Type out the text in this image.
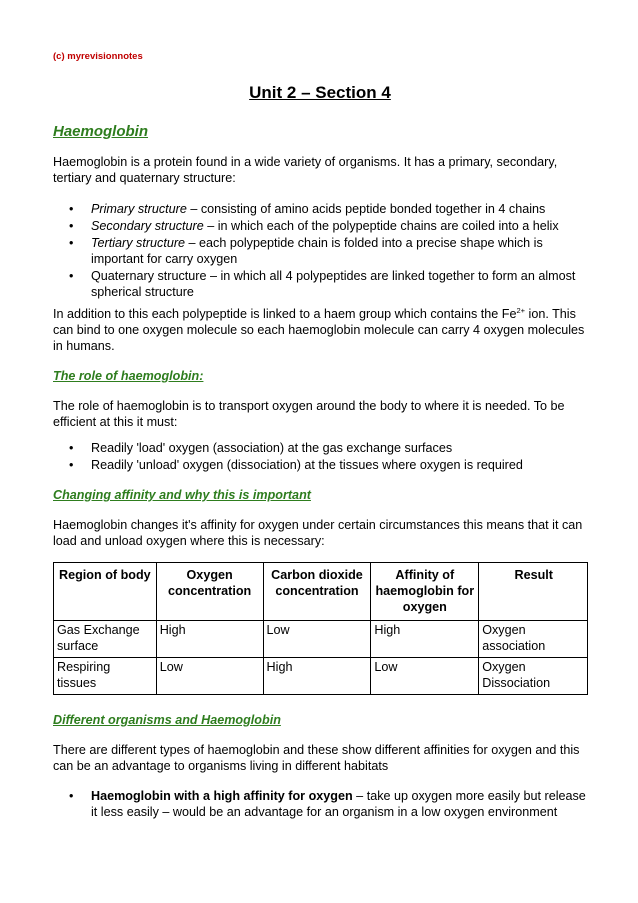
(c) myrevisionnotes
Unit 2 – Section 4
Haemoglobin
Haemoglobin is a protein found in a wide variety of organisms. It has a primary, secondary, tertiary and quaternary structure:
• Primary structure – consisting of amino acids peptide bonded together in 4 chains
• Secondary structure – in which each of the polypeptide chains are coiled into a helix
• Tertiary structure – each polypeptide chain is folded into a precise shape which is important for carry oxygen
• Quaternary structure – in which all 4 polypeptides are linked together to form an almost spherical structure
In addition to this each polypeptide is linked to a haem group which contains the $Fe^{2+}$ ion. This can bind to one oxygen molecule so each haemoglobin molecule can carry 4 oxygen molecules in humans.
The role of haemoglobin:
The role of haemoglobin is to transport oxygen around the body to where it is needed. To be efficient at this it must:
• Readily 'load' oxygen (association) at the gas exchange surfaces
• Readily 'unload' oxygen (dissociation) at the tissues where oxygen is required
Changing affinity and why this is important
Haemoglobin changes it's affinity for oxygen under certain circumstances this means that it can load and unload oxygen where this is necessary:
Region of body	Oxygen concentration	Carbon dioxide concentration	Affinity of haemoglobin for oxygen	Result
Gas Exchange surface	High	Low	High	Oxygen association
Respiring tissues	Low	High	Low	Oxygen Dissociation
Different organisms and Haemoglobin
There are different types of haemoglobin and these show different affinities for oxygen and this can be an advantage to organisms living in different habitats
• Haemoglobin with a high affinity for oxygen – take up oxygen more easily but release it less easily – would be an advantage for an organism in a low oxygen environment
